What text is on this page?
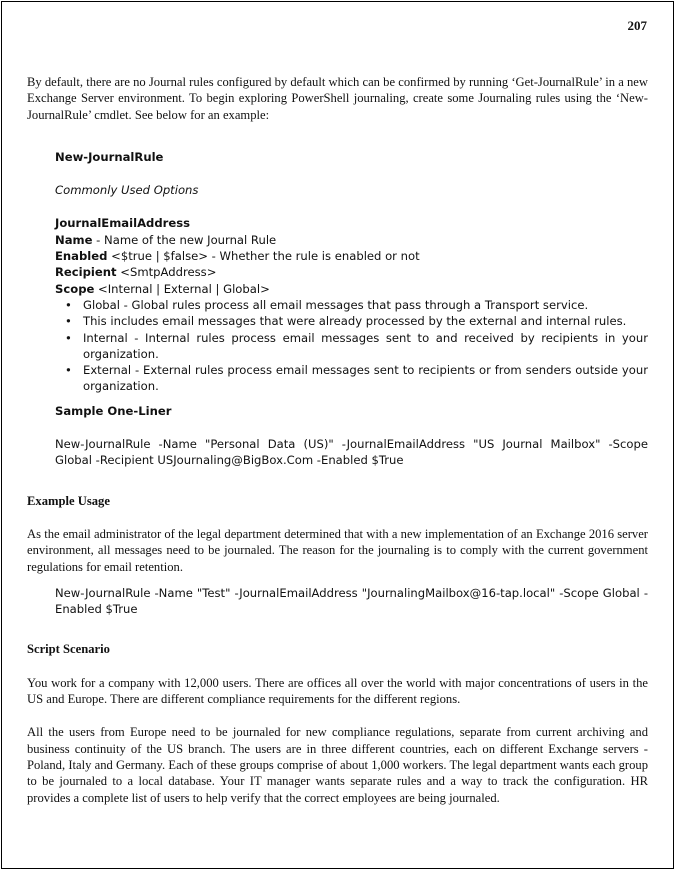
207

By default, there are no Journal rules configured by default which can be confirmed by running ‘Get-JournalRule’ in a new Exchange Server environment. To begin exploring PowerShell journaling, create some Journaling rules using the ‘New-JournalRule’ cmdlet. See below for an example:

New-JournalRule
Commonly Used Options
JournalEmailAddress
Name - Name of the new Journal Rule
Enabled <$true | $false> - Whether the rule is enabled or not
Recipient <SmtpAddress>
Scope <Internal | External | Global>
• Global - Global rules process all email messages that pass through a Transport service.
• This includes email messages that were already processed by the external and internal rules.
• Internal - Internal rules process email messages sent to and received by recipients in your organization.
• External - External rules process email messages sent to recipients or from senders outside your organization.
Sample One-Liner
New-JournalRule -Name "Personal Data (US)" -JournalEmailAddress "US Journal Mailbox" -Scope Global -Recipient USJournaling@BigBox.Com -Enabled $True
Example Usage

As the email administrator of the legal department determined that with a new implementation of an Exchange 2016 server environment, all messages need to be journaled. The reason for the journaling is to comply with the current government regulations for email retention.

New-JournalRule -Name "Test" -JournalEmailAddress "JournalingMailbox@16-tap.local" -Scope Global -Enabled $True
Script Scenario

You work for a company with 12,000 users. There are offices all over the world with major concentrations of users in the US and Europe. There are different compliance requirements for the different regions.

All the users from Europe need to be journaled for new compliance regulations, separate from current archiving and business continuity of the US branch. The users are in three different countries, each on different Exchange servers - Poland, Italy and Germany. Each of these groups comprise of about 1,000 workers. The legal department wants each group to be journaled to a local database. Your IT manager wants separate rules and a way to track the configuration. HR provides a complete list of users to help verify that the correct employees are being journaled.
